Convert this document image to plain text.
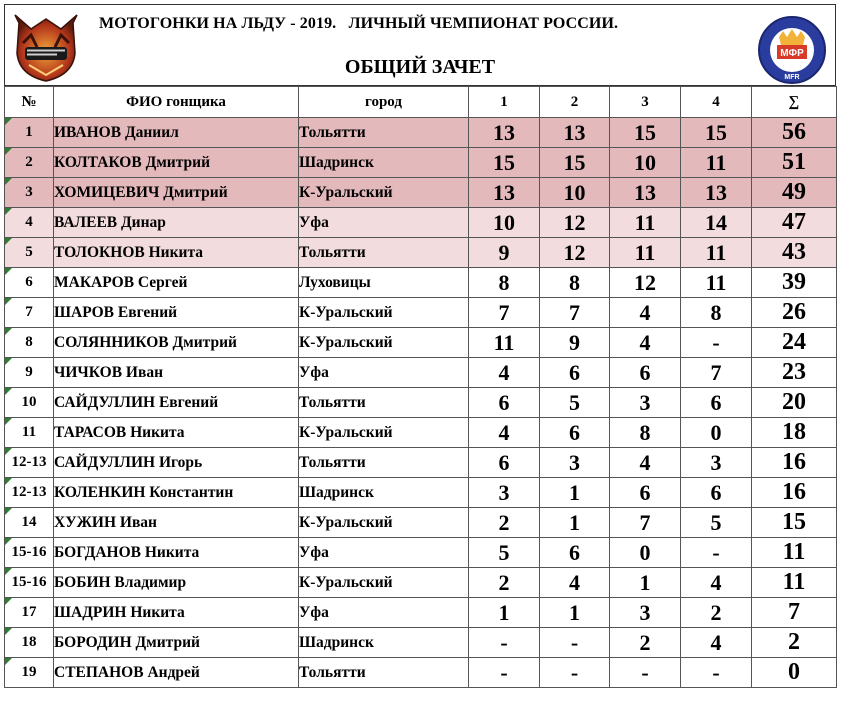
МОТОГОНКИ НА ЛЬДУ - 2019.   ЛИЧНЫЙ ЧЕМПИОНАТ РОССИИ.
ОБЩИЙ ЗАЧЕТ
МФР
MFR
№	ФИО гонщика	город	1	2	3	4	∑
1	ИВАНОВ Даниил	Тольятти	13	13	15	15	56
2	КОЛТАКОВ Дмитрий	Шадринск	15	15	10	11	51
3	ХОМИЦЕВИЧ Дмитрий	К-Уральский	13	10	13	13	49
4	ВАЛЕЕВ Динар	Уфа	10	12	11	14	47
5	ТОЛОКНОВ Никита	Тольятти	9	12	11	11	43
6	МАКАРОВ Сергей	Луховицы	8	8	12	11	39
7	ШАРОВ Евгений	К-Уральский	7	7	4	8	26
8	СОЛЯННИКОВ Дмитрий	К-Уральский	11	9	4	-	24
9	ЧИЧКОВ Иван	Уфа	4	6	6	7	23
10	САЙДУЛЛИН Евгений	Тольятти	6	5	3	6	20
11	ТАРАСОВ Никита	К-Уральский	4	6	8	0	18
12-13	САЙДУЛЛИН Игорь	Тольятти	6	3	4	3	16
12-13	КОЛЕНКИН Константин	Шадринск	3	1	6	6	16
14	ХУЖИН Иван	К-Уральский	2	1	7	5	15
15-16	БОГДАНОВ Никита	Уфа	5	6	0	-	11
15-16	БОБИН Владимир	К-Уральский	2	4	1	4	11
17	ШАДРИН Никита	Уфа	1	1	3	2	7
18	БОРОДИН Дмитрий	Шадринск	-	-	2	4	2
19	СТЕПАНОВ Андрей	Тольятти	-	-	-	-	0
